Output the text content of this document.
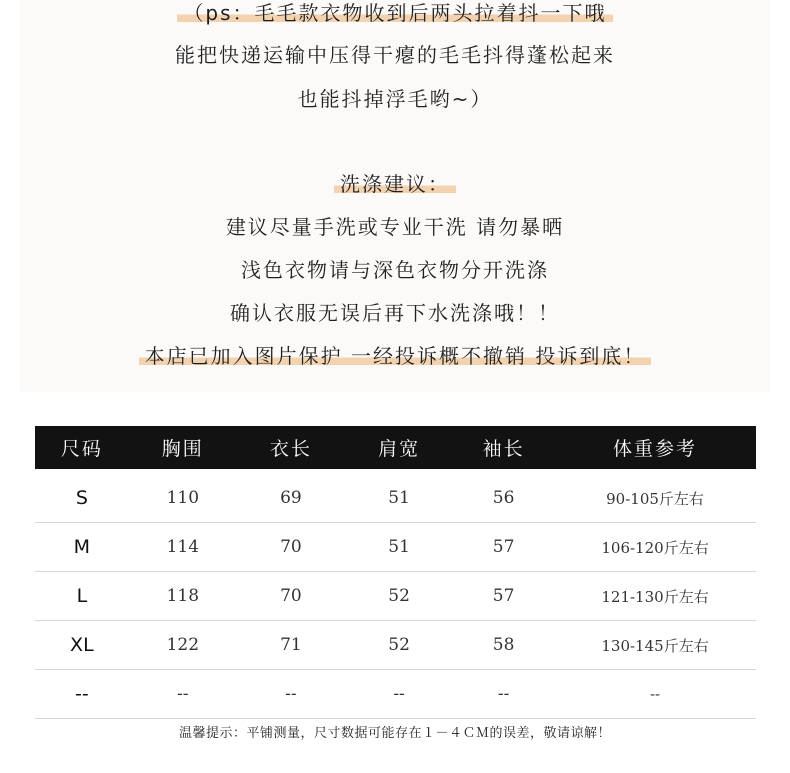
（ps：毛毛款衣物收到后两头拉着抖一下哦
能把快递运输中压得干瘪的毛毛抖得蓬松起来
也能抖掉浮毛哟~）
洗涤建议：
建议尽量手洗或专业干洗 请勿暴晒
浅色衣物请与深色衣物分开洗涤
确认衣服无误后再下水洗涤哦！！
本店已加入图片保护 一经投诉概不撤销 投诉到底！
尺码	胸围	衣长	肩宽	袖长	体重参考
S	110	69	51	56	90-105斤左右
M	114	70	51	57	106-120斤左右
L	118	70	52	57	121-130斤左右
XL	122	71	52	58	130-145斤左右
--	--	--	--	--	--
温馨提示：平铺测量，尺寸数据可能存在１－４ＣＭ的误差，敬请谅解！
